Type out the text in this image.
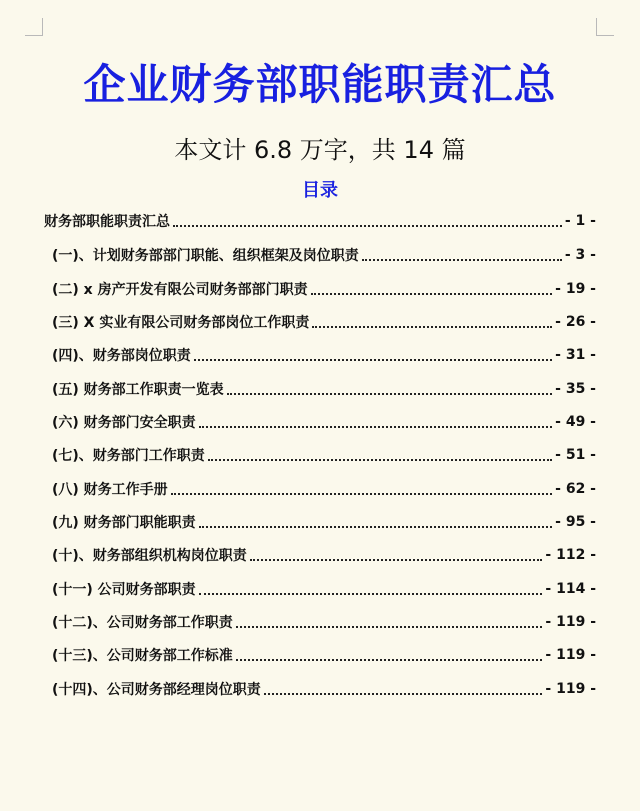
企业财务部职能职责汇总
本文计 6.8 万字，共 14 篇
目录
财务部职能职责汇总	- 1 -
(一)、计划财务部部门职能、组织框架及岗位职责	- 3 -
(二) x 房产开发有限公司财务部部门职责	- 19 -
(三) X 实业有限公司财务部岗位工作职责	- 26 -
(四)、财务部岗位职责	- 31 -
(五) 财务部工作职责一览表	- 35 -
(六) 财务部门安全职责	- 49 -
(七)、财务部门工作职责	- 51 -
(八) 财务工作手册	- 62 -
(九) 财务部门职能职责	- 95 -
(十)、财务部组织机构岗位职责	- 112 -
(十一) 公司财务部职责	- 114 -
(十二)、公司财务部工作职责	- 119 -
(十三)、公司财务部工作标准	- 119 -
(十四)、公司财务部经理岗位职责	- 119 -
